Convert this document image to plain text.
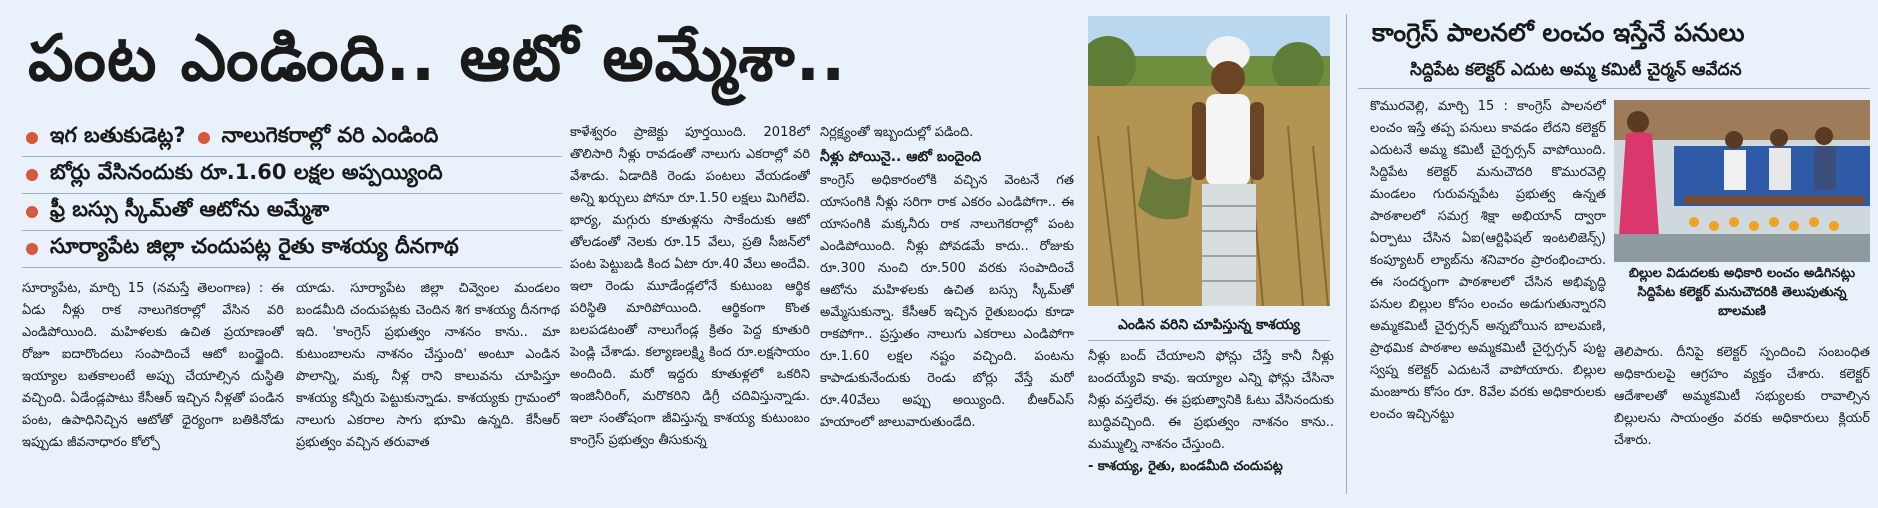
పంట ఎండింది.. ఆటో అమ్మేశా..
ఇగ బతుకుడెట్ల? నాలుగెకరాల్లో వరి ఎండింది
బోర్లు వేసినందుకు రూ.1.60 లక్షల అప్పయ్యింది
ఫ్రీ బస్సు స్కీమ్‌తో ఆటోను అమ్మేశా
సూర్యాపేట జిల్లా చందుపట్ల రైతు కాశయ్య దీనగాథ

సూర్యాపేట, మార్చి 15 (నమస్తే తెలంగాణ) : ఈ ఏడు నీళ్లు రాక నాలుగెకరాల్లో వేసిన వరి ఎండిపోయింది. మహిళలకు ఉచిత ప్రయాణంతో రోజూ ఐదారొందలు సంపాదించే ఆటో బంద్జైంది. ఇయ్యాల బతకాలంటే అప్పు చేయాల్సిన దుస్థితి వచ్చింది. ఏడేండ్లపాటు కేసీఆర్ ఇచ్చిన నీళ్లతో పండిన పంట, ఉపాధినిచ్చిన ఆటోతో ధైర్యంగా బతికినోడు ఇప్పుడు జీవనాధారం కోల్పో

యాడు. సూర్యాపేట జిల్లా చివ్వెంల మండలం బండమీది చందుపట్లకు చెందిన శిగ కాశయ్య దీనగాథ ఇది. 'కాంగ్రెస్ ప్రభుత్వం నాశనం కాను.. మా కుటుంబాలను నాశనం చేస్తుంది' అంటూ ఎండిన పొలాన్ని, మక్క నీళ్ల రాని కాలువను చూపిస్తూ కాశయ్య కన్నీరు పెట్టుకున్నాడు. కాశయ్యకు గ్రామంలో నాలుగు ఎకరాల సాగు భూమి ఉన్నది. కేసీఆర్ ప్రభుత్వం వచ్చిన తరువాత

కాళేశ్వరం ప్రాజెక్టు పూర్తయింది. 2018లో తొలిసారి నీళ్లు రావడంతో నాలుగు ఎకరాల్లో వరి వేశాడు. ఏడాదికి రెండు పంటలు వేయడంతో అన్ని ఖర్చులు పోనూ రూ.1.50 లక్షలు మిగిలేవి. భార్య, మగ్గురు కూతుళ్లను సాకేందుకు ఆటో తోలడంతో నెలకు రూ.15 వేలు, ప్రతి సీజన్‌లో పంట పెట్టుబడి కింద ఏటా రూ.40 వేలు అందేవి. ఇలా రెండు మూడేండ్లలోనే కుటుంబ ఆర్థిక పరిస్థితి మారిపోయింది. ఆర్థికంగా కొంత బలపడటంతో నాలుగేండ్ల క్రితం పెద్ద కూతురి పెండ్లి చేశాడు. కల్యాణలక్ష్మి కింద రూ.లక్షసాయం అందింది. మరో ఇద్దరు కూతుళ్లలో ఒకరిని ఇంజినీరింగ్, మరొకరిని డిగ్రీ చదివిస్తున్నాడు. ఇలా సంతోషంగా జీవిస్తున్న కాశయ్య కుటుంబం కాంగ్రెస్ ప్రభుత్వం తీసుకున్న

నిర్లక్ష్యంతో ఇబ్బందుల్లో పడింది.

నీళ్లు పోయినై.. ఆటో బందైంది

కాంగ్రెస్ అధికారంలోకి వచ్చిన వెంటనే గత యాసంగికి నీళ్లు సరిగా రాక ఎకరం ఎండిపోగా.. ఈ యాసంగికి మక్కనీరు రాక నాలుగెకరాల్లో పంట ఎండిపోయింది. నీళ్లు పోవడమే కాదు.. రోజుకు రూ.300 నుంచి రూ.500 వరకు సంపాదించే ఆటోను మహిళలకు ఉచిత బస్సు స్కీమ్‌తో అమ్మేసుకున్నా. కేసీఆర్ ఇచ్చిన రైతుబంధు కూడా రాకపోగా.. ప్రస్తుతం నాలుగు ఎకరాలు ఎండిపోగా రూ.1.60 లక్షల నష్టం వచ్చింది. పంటను కాపాడుకునేందుకు రెండు బోర్లు వేస్తే మరో రూ.40వేలు అప్పు అయ్యింది. బీఆర్ఎస్ హయాంలో జాలువారుతుండేది.

ఎండిన వరిని చూపిస్తున్న కాశయ్య

నీళ్లు బంద్ చేయాలని ఫోన్లు చేస్తే కానీ నీళ్లు బందయ్యేవి కావు. ఇయ్యాల ఎన్ని ఫోన్లు చేసినా నీళ్లు వస్తలేవు. ఈ ప్రభుత్వానికి ఓటు వేసినందుకు బుద్ధివచ్చింది. ఈ ప్రభుత్వం నాశనం కాను.. మమ్ముల్ని నాశనం చేస్తుంది.

- కాశయ్య, రైతు, బండమీది చందుపట్ల

కాంగ్రెస్ పాలనలో లంచం ఇస్తేనే పనులు
సిద్దిపేట కలెక్టర్ ఎదుట అమ్మ కమిటీ చైర్మన్ ఆవేదన

కొమురవెల్లి, మార్చి 15 : కాంగ్రెస్ పాలనలో లంచం ఇస్తే తప్ప పనులు కావడం లేదని కలెక్టర్ ఎదుటనే అమ్మ కమిటీ చైర్పర్సన్ వాపోయింది. సిద్దిపేట కలెక్టర్ మనుచౌదరి కొమురవెల్లి మండలం గురువన్నపేట ప్రభుత్వ ఉన్నత పాఠశాలలో సమగ్ర శిక్షా అభియాన్ ద్వారా ఏర్పాటు చేసిన ఏఐ(ఆర్టిఫిషల్ ఇంటలిజెన్స్) కంప్యూటర్ ల్యాబ్‌ను శనివారం ప్రారంభించారు. ఈ సందర్భంగా పాఠశాలలో చేసిన అభివృద్ధి పనుల బిల్లుల కోసం లంచం అడుగుతున్నారని అమ్మకమిటీ చైర్పర్సన్ అన్నబోయిన బాలమణి, ప్రాథమిక పాఠశాల అమ్మకమిటీ చైర్పర్సన్ పుట్ట స్వప్న కలెక్టర్ ఎదుటనే వాపోయారు. బిల్లుల మంజూరు కోసం రూ. 8వేల వరకు అధికారులకు లంచం ఇచ్చినట్టు

బిల్లుల విడుదలకు అధికారి లంచం అడిగినట్లు సిద్దిపేట కలెక్టర్ మనుచౌదరికి తెలుపుతున్న బాలమణి

తెలిపారు. దీనిపై కలెక్టర్ స్పందించి సంబంధిత అధికారులపై ఆగ్రహం వ్యక్తం చేశారు. కలెక్టర్ ఆదేశాలతో అమ్మకమిటీ సభ్యులకు రావాల్సిన బిల్లులను సాయంత్రం వరకు అధికారులు క్లియర్ చేశారు.
